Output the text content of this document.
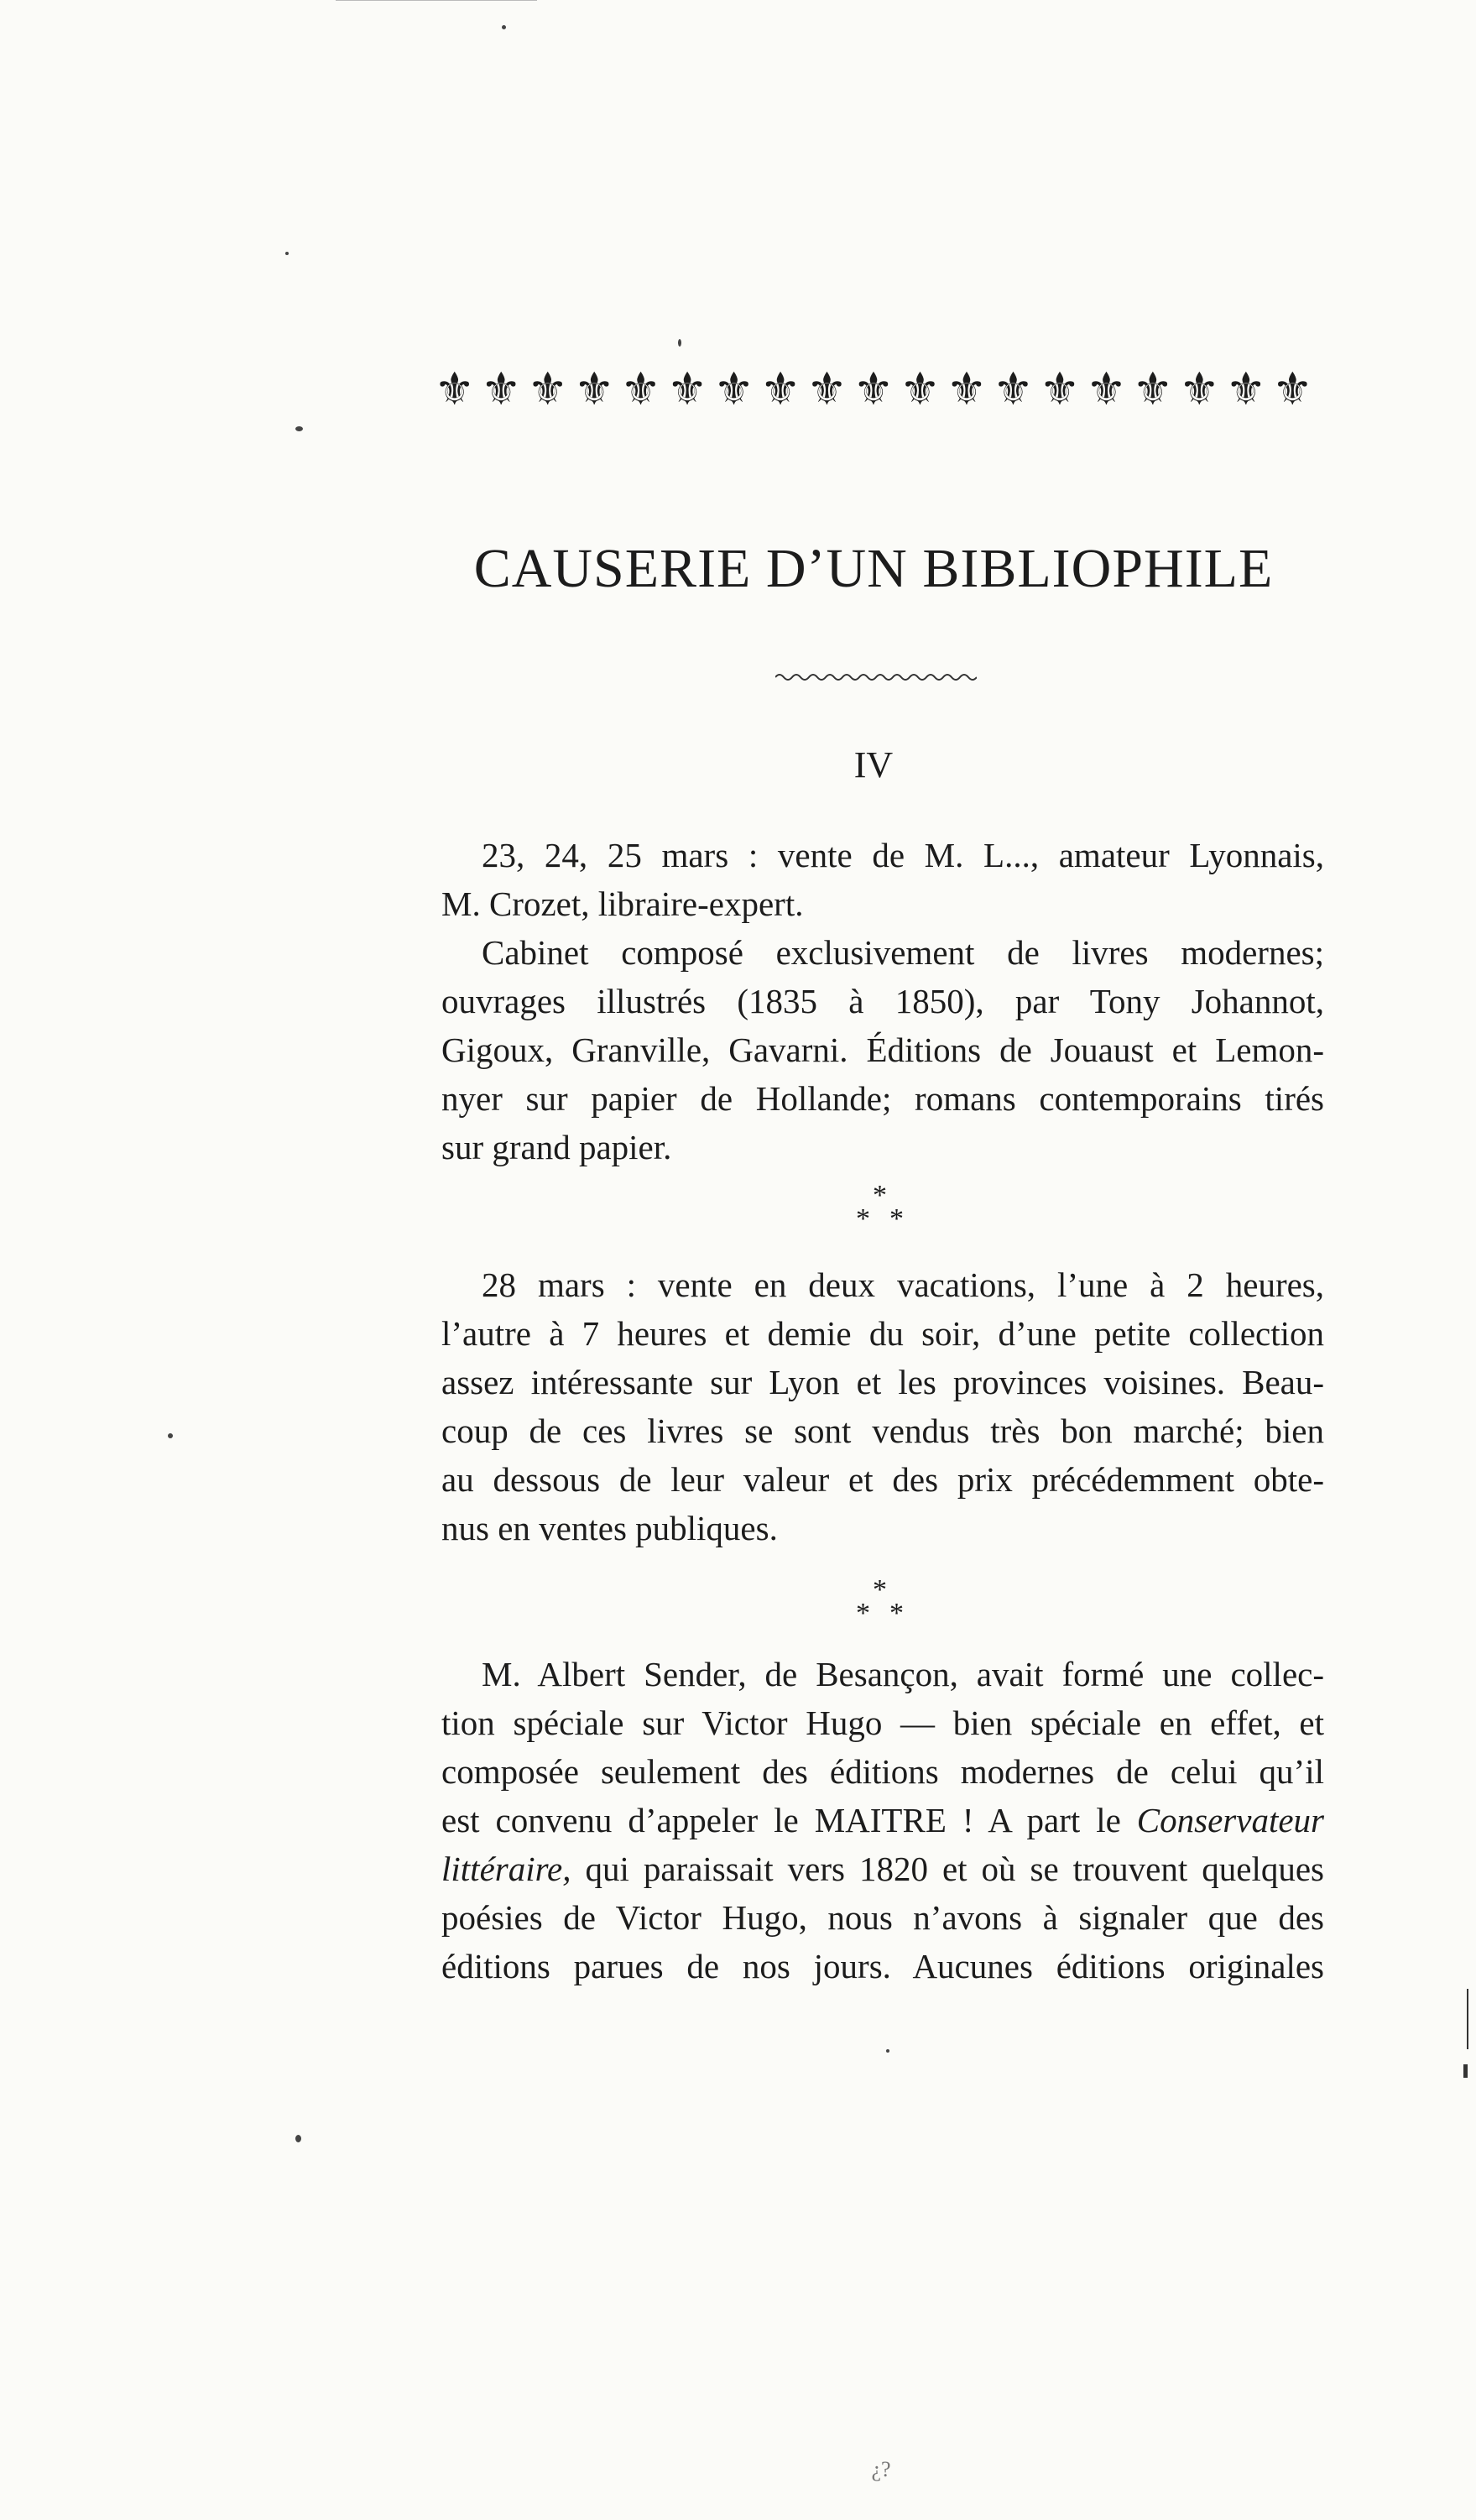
⚜ ⚜ ⚜ ⚜ ⚜ ⚜ ⚜ ⚜ ⚜ ⚜ ⚜ ⚜ ⚜ ⚜ ⚜ ⚜ ⚜ ⚜ ⚜
CAUSERIE D’UN BIBLIOPHILE
IV
23, 24, 25 mars : vente de M. L..., amateur Lyonnais,
M. Crozet, libraire-expert.
Cabinet composé exclusivement de livres modernes;
ouvrages illustrés (1835 à 1850), par Tony Johannot,
Gigoux, Granville, Gavarni. Éditions de Jouaust et Lemon-
nyer sur papier de Hollande; romans contemporains tirés
sur grand papier.
*
* *
28 mars : vente en deux vacations, l’une à 2 heures,
l’autre à 7 heures et demie du soir, d’une petite collection
assez intéressante sur Lyon et les provinces voisines. Beau-
coup de ces livres se sont vendus très bon marché; bien
au dessous de leur valeur et des prix précédemment obte-
nus en ventes publiques.
*
* *
M. Albert Sender, de Besançon, avait formé une collec-
tion spéciale sur Victor Hugo — bien spéciale en effet, et
composée seulement des éditions modernes de celui qu’il
est convenu d’appeler le MAITRE ! A part le Conservateur
littéraire, qui paraissait vers 1820 et où se trouvent quelques
poésies de Victor Hugo, nous n’avons à signaler que des
éditions parues de nos jours. Aucunes éditions originales
¿?
